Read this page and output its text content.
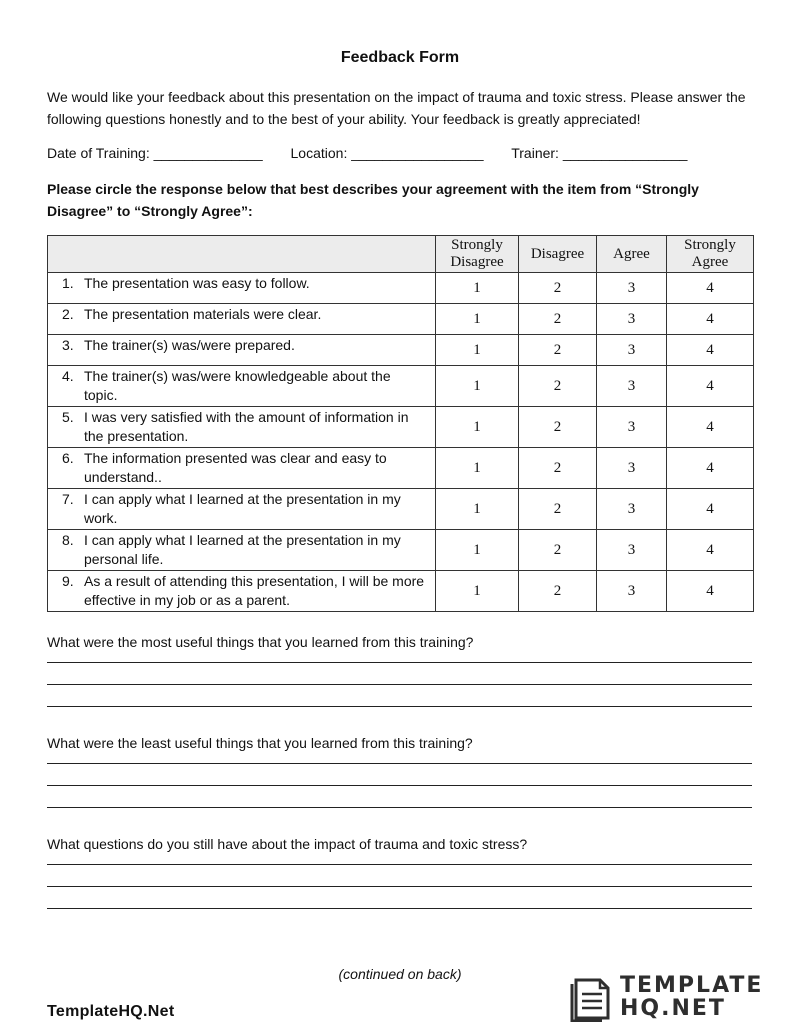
Feedback Form
We would like your feedback about this presentation on the impact of trauma and toxic stress. Please answer the following questions honestly and to the best of your ability. Your feedback is greatly appreciated!
Date of Training: ______________ Location: _________________ Trainer: ________________
Please circle the response below that best describes your agreement with the item from “Strongly Disagree” to “Strongly Agree”:
	Strongly Disagree	Disagree	Agree	Strongly Agree

1. The presentation was easy to follow.	1	2	3	4

2. The presentation materials were clear.	1	2	3	4

3. The trainer(s) was/were prepared.	1	2	3	4

4. The trainer(s) was/were knowledgeable about the topic.	1	2	3	4

5. I was very satisfied with the amount of information in the presentation.	1	2	3	4

6. The information presented was clear and easy to understand..	1	2	3	4

7. I can apply what I learned at the presentation in my work.	1	2	3	4

8. I can apply what I learned at the presentation in my personal life.	1	2	3	4

9. As a result of attending this presentation, I will be more effective in my job or as a parent.	1	2	3	4
What were the most useful things that you learned from this training?
What were the least useful things that you learned from this training?
What questions do you still have about the impact of trauma and toxic stress?
(continued on back)
TemplateHQ.Net
TEMPLATE
HQ.NET
